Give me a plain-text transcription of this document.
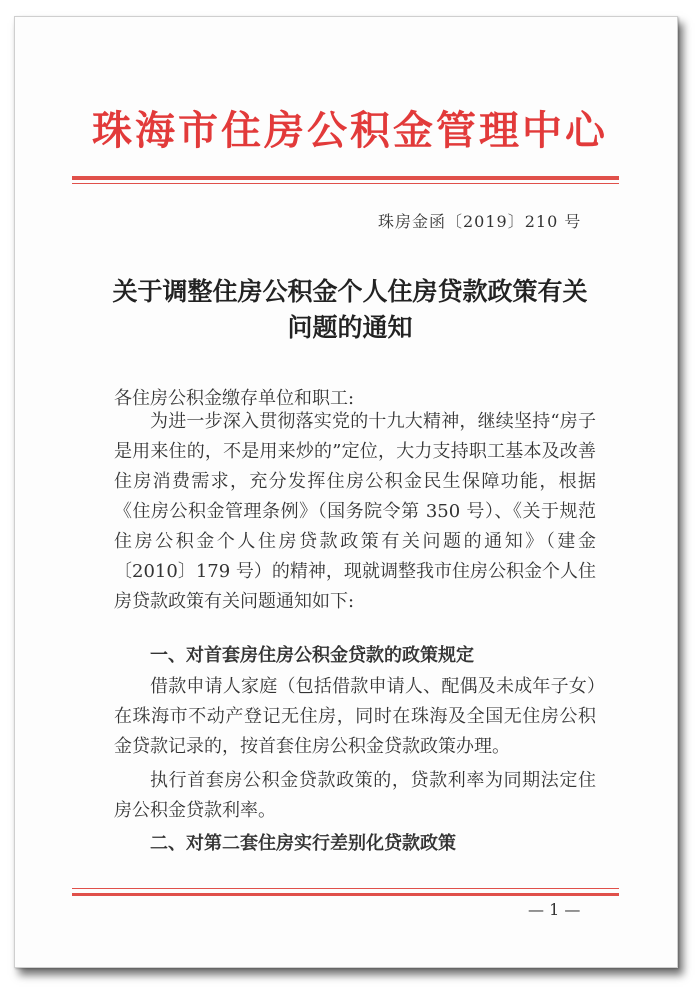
珠海市住房公积金管理中心
珠房金函〔2019〕210 号
关于调整住房公积金个人住房贷款政策有关
问题的通知
各住房公积金缴存单位和职工:
为进一步深入贯彻落实党的十九大精神，继续坚持“房子是用来住的，不是用来炒的”定位，大力支持职工基本及改善住房消费需求，充分发挥住房公积金民生保障功能，根据《住房公积金管理条例》（国务院令第 350 号）、《关于规范住房公积金个人住房贷款政策有关问题的通知》（建金〔2010〕179 号）的精神，现就调整我市住房公积金个人住房贷款政策有关问题通知如下:
一、对首套房住房公积金贷款的政策规定
借款申请人家庭（包括借款申请人、配偶及未成年子女）在珠海市不动产登记无住房，同时在珠海及全国无住房公积金贷款记录的，按首套住房公积金贷款政策办理。
执行首套房公积金贷款政策的，贷款利率为同期法定住房公积金贷款利率。
二、对第二套住房实行差别化贷款政策
— 1 —
